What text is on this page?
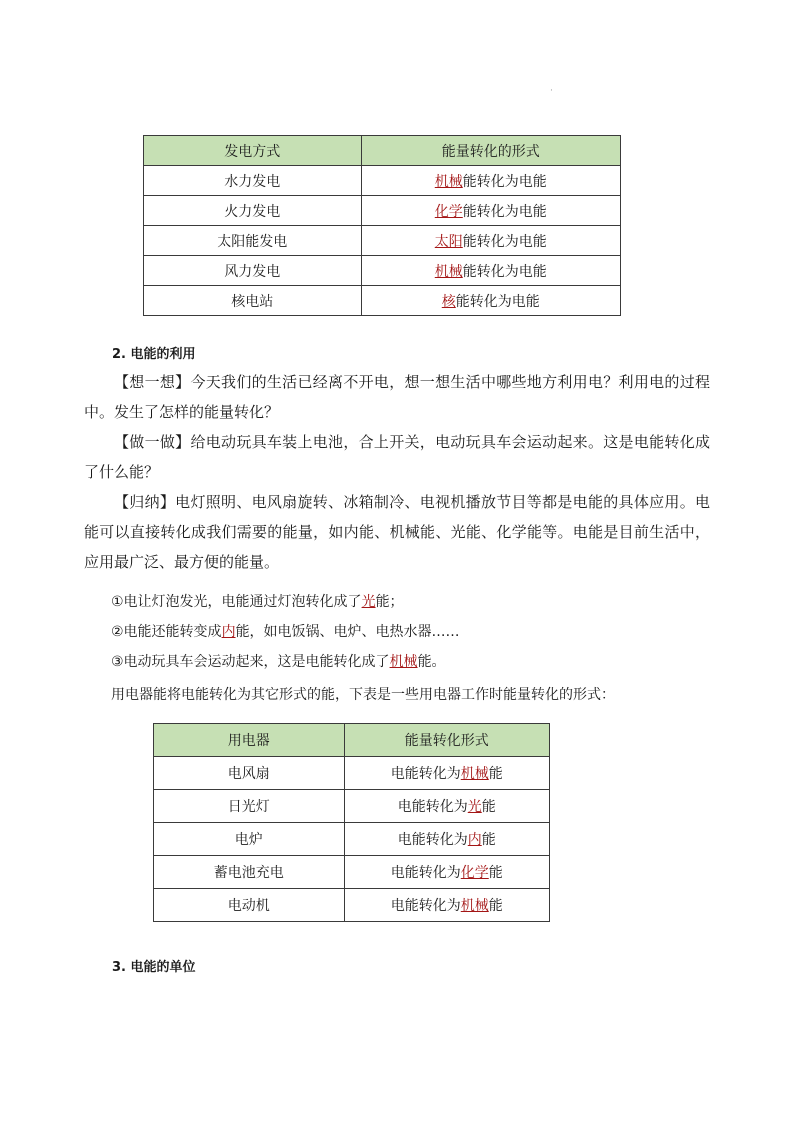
·
发电方式	能量转化的形式
水力发电	机械能转化为电能
火力发电	化学能转化为电能
太阳能发电	太阳能转化为电能
风力发电	机械能转化为电能
核电站	核能转化为电能
2. 电能的利用

【想一想】今天我们的生活已经离不开电，想一想生活中哪些地方利用电？利用电的过程中。发生了怎样的能量转化？

【做一做】给电动玩具车装上电池，合上开关，电动玩具车会运动起来。这是电能转化成了什么能？

【归纳】电灯照明、电风扇旋转、冰箱制冷、电视机播放节目等都是电能的具体应用。电能可以直接转化成我们需要的能量，如内能、机械能、光能、化学能等。电能是目前生活中，应用最广泛、最方便的能量。

①电让灯泡发光，电能通过灯泡转化成了光能；

②电能还能转变成内能，如电饭锅、电炉、电热水器……

③电动玩具车会运动起来，这是电能转化成了机械能。

用电器能将电能转化为其它形式的能，下表是一些用电器工作时能量转化的形式：

用电器	能量转化形式
电风扇	电能转化为机械能
日光灯	电能转化为光能
电炉	电能转化为内能
蓄电池充电	电能转化为化学能
电动机	电能转化为机械能
3. 电能的单位
